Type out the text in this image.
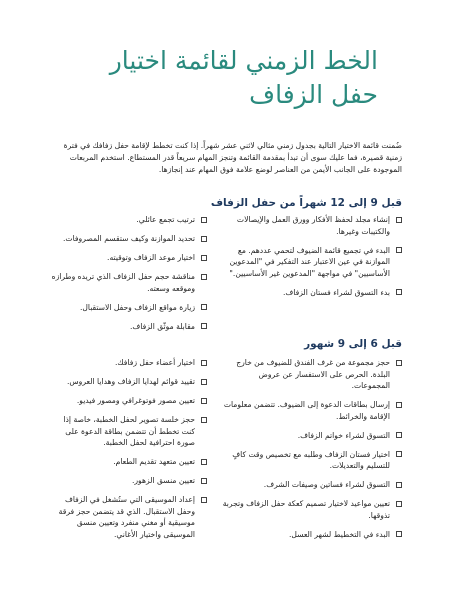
الخط الزمني لقائمة اختيار
حفل الزفاف

ضُمنت قائمة الاختيار التالية بجدول زمني مثالي لاثني عشر شهراً. إذا كنت تخطط لإقامة حفل زفافك في فترة زمنية قصيرة، فما عليك سوى أن تبدأ بمقدمة القائمة وتنجز المهام سريعاً قدر المستطاع. استخدم المربعات الموجودة على الجانب الأيمن من العناصر لوضع علامة فوق المهام عند إنجازها.

قبل 9 إلى 12 شهراً من حفل الزفاف
إنشاء مجلد لحفظ الأفكار وورق العمل والإيصالات والكتيبات وغيرها.
البدء في تجميع قائمة الضيوف لتحمي عددهم. مع الموازنة في عين الاعتبار عند التفكير في "المدعوين الأساسيين" في مواجهة "المدعوين غير الأساسيين."
بدء التسوق لشراء فستان الزفاف.
ترتيب تجمع عائلي.
تحديد الموازنة وكيف ستقسم المصروفات.
اختيار موعد الزفاف وتوقيته.
مناقشة حجم حفل الزفاف الذي تريده وطرازه وموقعه وسعته.
زيارة مواقع الزفاف وحفل الاستقبال.
مقابلة موثّق الزفاف.
قبل 6 إلى 9 شهور
حجز مجموعة من غرف الفندق للضيوف من خارج البلدة. الحرص على الاستفسار عن عروض المجموعات.
إرسال بطاقات الدعوة إلى الضيوف. تتضمن معلومات الإقامة والخرائط.
التسوق لشراء خواتم الزفاف.
اختيار فستان الزفاف وطلبه مع تخصيص وقت كافٍ للتسليم والتعديلات.
التسوق لشراء فساتين وصيفات الشرف.
تعيين مواعيد لاختيار تصميم كعكة حفل الزفاف وتجربة تذوقها.
البدء في التخطيط لشهر العسل.
اختيار أعضاء حفل زفافك.
تقييد قوائم لهدايا الزفاف وهدايا العروس.
تعيين مصور فوتوغرافي ومصور فيديو.
حجز خلسة تصوير لحفل الخطبة، خاصة إذا كنت تخطط أن تتضمن بطاقة الدعوة على صورة احترافية لحفل الخطبة.
تعيين متعهد تقديم الطعام.
تعيين منسق الزهور.
إعداد الموسيقى التي ستُشغل في الزفاف وحفل الاستقبال. الذي قد يتضمن حجز فرقة موسيقية أو مغني منفرد وتعيين منسق الموسيقى واختيار الأغاني.
